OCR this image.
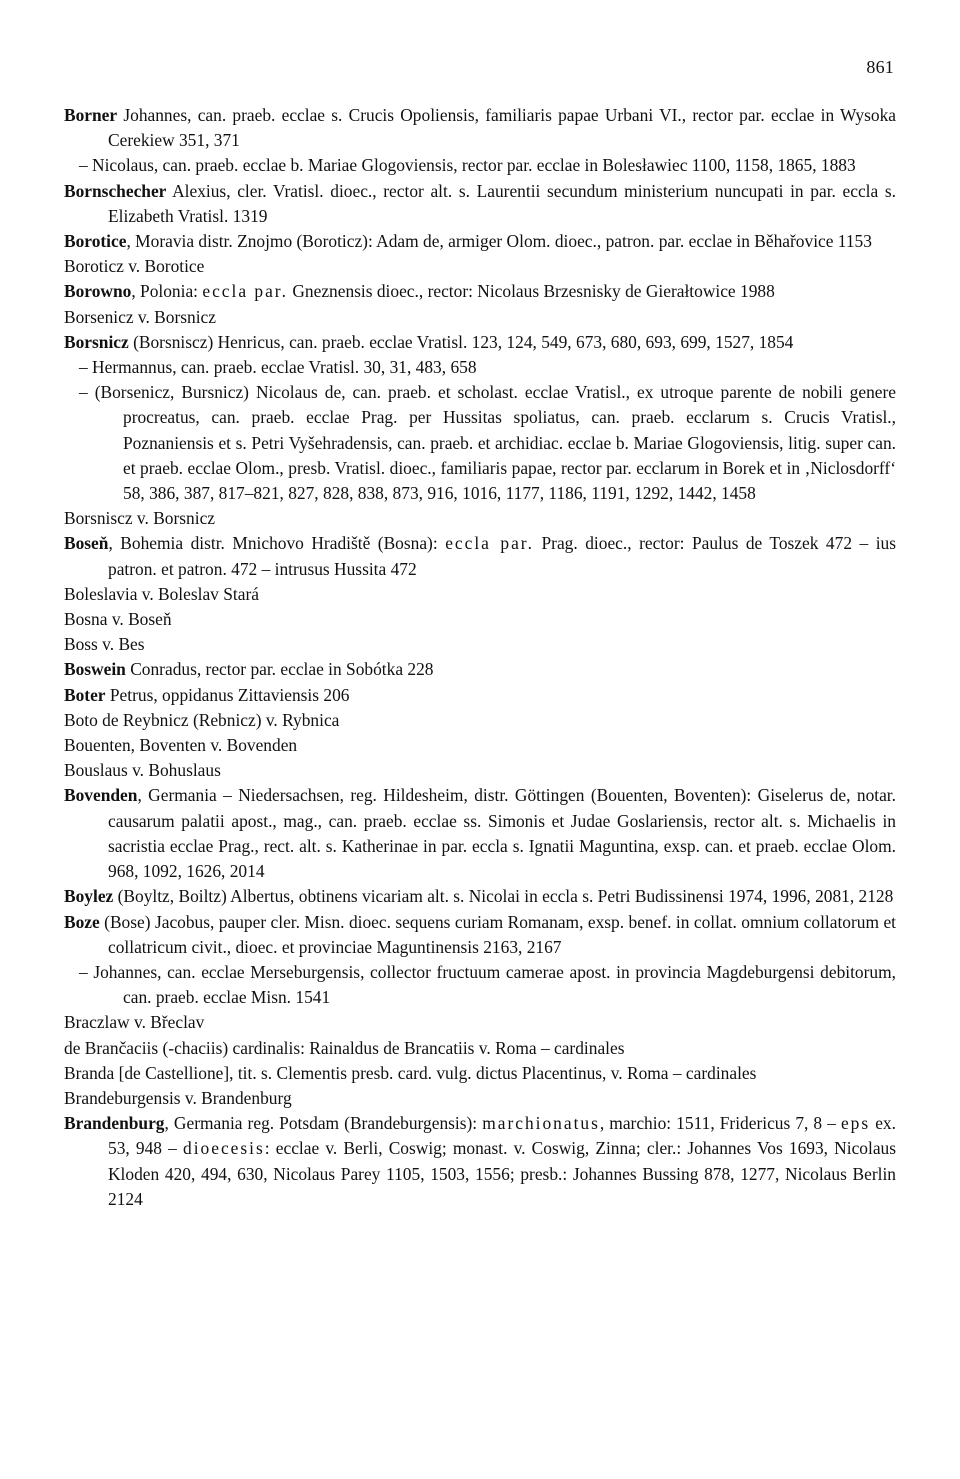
861

Borner Johannes, can. praeb. ecclae s. Crucis Opoliensis, familiaris papae Urbani VI., rector par. ecclae in Wysoka Cerekiew 351, 371

– Nicolaus, can. praeb. ecclae b. Mariae Glogoviensis, rector par. ecclae in Bolesławiec 1100, 1158, 1865, 1883

Bornschecher Alexius, cler. Vratisl. dioec., rector alt. s. Laurentii secundum ministerium nuncupati in par. eccla s. Elizabeth Vratisl. 1319

Borotice, Moravia distr. Znojmo (Boroticz): Adam de, armiger Olom. dioec., patron. par. ecclae in Běhařovice 1153

Boroticz v. Borotice

Borowno, Polonia: eccla par. Gneznensis dioec., rector: Nicolaus Brzesnisky de Gierałtowice 1988

Borsenicz v. Borsnicz

Borsnicz (Borsniscz) Henricus, can. praeb. ecclae Vratisl. 123, 124, 549, 673, 680, 693, 699, 1527, 1854

– Hermannus, can. praeb. ecclae Vratisl. 30, 31, 483, 658

– (Borsenicz, Bursnicz) Nicolaus de, can. praeb. et scholast. ecclae Vratisl., ex utroque parente de nobili genere procreatus, can. praeb. ecclae Prag. per Hussitas spoliatus, can. praeb. ecclarum s. Crucis Vratisl., Poznaniensis et s. Petri Vyšehradensis, can. praeb. et archidiac. ecclae b. Mariae Glogoviensis, litig. super can. et praeb. ecclae Olom., presb. Vratisl. dioec., familiaris papae, rector par. ecclarum in Borek et in ‚Niclosdorff‘ 58, 386, 387, 817–821, 827, 828, 838, 873, 916, 1016, 1177, 1186, 1191, 1292, 1442, 1458

Borsniscz v. Borsnicz

Boseň, Bohemia distr. Mnichovo Hradiště (Bosna): eccla par. Prag. dioec., rector: Paulus de Toszek 472 – ius patron. et patron. 472 – intrusus Hussita 472

Boleslavia v. Boleslav Stará

Bosna v. Boseň

Boss v. Bes

Boswein Conradus, rector par. ecclae in Sobótka 228

Boter Petrus, oppidanus Zittaviensis 206

Boto de Reybnicz (Rebnicz) v. Rybnica

Bouenten, Boventen v. Bovenden

Bouslaus v. Bohuslaus

Bovenden, Germania – Niedersachsen, reg. Hildesheim, distr. Göttingen (Bouenten, Boventen): Giselerus de, notar. causarum palatii apost., mag., can. praeb. ecclae ss. Simonis et Judae Goslariensis, rector alt. s. Michaelis in sacristia ecclae Prag., rect. alt. s. Katherinae in par. eccla s. Ignatii Maguntina, exsp. can. et praeb. ecclae Olom. 968, 1092, 1626, 2014

Boylez (Boyltz, Boiltz) Albertus, obtinens vicariam alt. s. Nicolai in eccla s. Petri Budissinensi 1974, 1996, 2081, 2128

Boze (Bose) Jacobus, pauper cler. Misn. dioec. sequens curiam Romanam, exsp. benef. in collat. omnium collatorum et collatricum civit., dioec. et provinciae Maguntinensis 2163, 2167

– Johannes, can. ecclae Merseburgensis, collector fructuum camerae apost. in provincia Magdeburgensi debitorum, can. praeb. ecclae Misn. 1541

Braczlaw v. Břeclav

de Brančaciis (-chaciis) cardinalis: Rainaldus de Brancatiis v. Roma – cardinales

Branda [de Castellione], tit. s. Clementis presb. card. vulg. dictus Placentinus, v. Roma – cardinales

Brandeburgensis v. Brandenburg

Brandenburg, Germania reg. Potsdam (Brandeburgensis): marchionatus, marchio: 1511, Fridericus 7, 8 – eps ex. 53, 948 – dioecesis: ecclae v. Berli, Coswig; monast. v. Coswig, Zinna; cler.: Johannes Vos 1693, Nicolaus Kloden 420, 494, 630, Nicolaus Parey 1105, 1503, 1556; presb.: Johannes Bussing 878, 1277, Nicolaus Berlin 2124
